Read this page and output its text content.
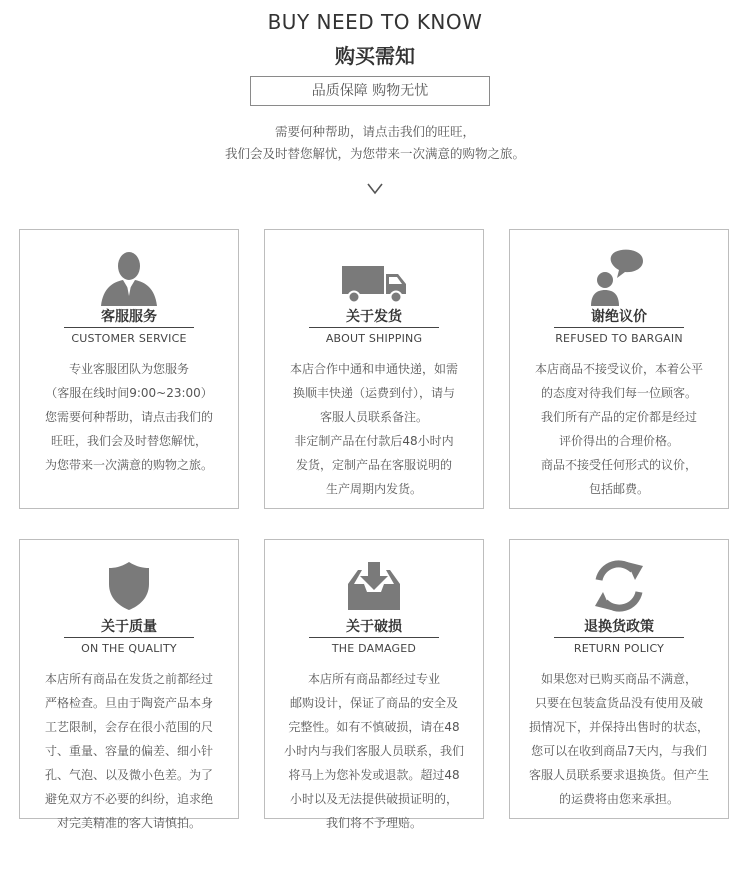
BUY NEED TO KNOW
购买需知
品质保障 购物无忧
需要何种帮助，请点击我们的旺旺，
我们会及时替您解忧，为您带来一次满意的购物之旅。
客服服务
CUSTOMER SERVICE
专业客服团队为您服务
（客服在线时间9:00~23:00）
您需要何种帮助，请点击我们的
旺旺，我们会及时替您解忧，
为您带来一次满意的购物之旅。
关于发货
ABOUT SHIPPING
本店合作中通和申通快递，如需
换顺丰快递（运费到付），请与
客服人员联系备注。
非定制产品在付款后48小时内
发货，定制产品在客服说明的
生产周期内发货。
谢绝议价
REFUSED TO BARGAIN
本店商品不接受议价，本着公平
的态度对待我们每一位顾客。
我们所有产品的定价都是经过
评价得出的合理价格。
商品不接受任何形式的议价，
包括邮费。
关于质量
ON THE QUALITY
本店所有商品在发货之前都经过
严格检查。旦由于陶瓷产品本身
工艺限制，会存在很小范围的尺
寸、重量、容量的偏差、细小针
孔、气泡、以及微小色差。为了
避免双方不必要的纠纷，追求绝
对完美精准的客人请慎拍。
关于破损
THE DAMAGED
本店所有商品都经过专业
邮购设计，保证了商品的安全及
完整性。如有不慎破损，请在48
小时内与我们客服人员联系，我们
将马上为您补发或退款。超过48
小时以及无法提供破损证明的，
我们将不予理赔。
退换货政策
RETURN POLICY
如果您对已购买商品不满意，
只要在包装盒货品没有使用及破
损情况下，并保持出售时的状态，
您可以在收到商品7天内，与我们
客服人员联系要求退换货。但产生
的运费将由您来承担。
